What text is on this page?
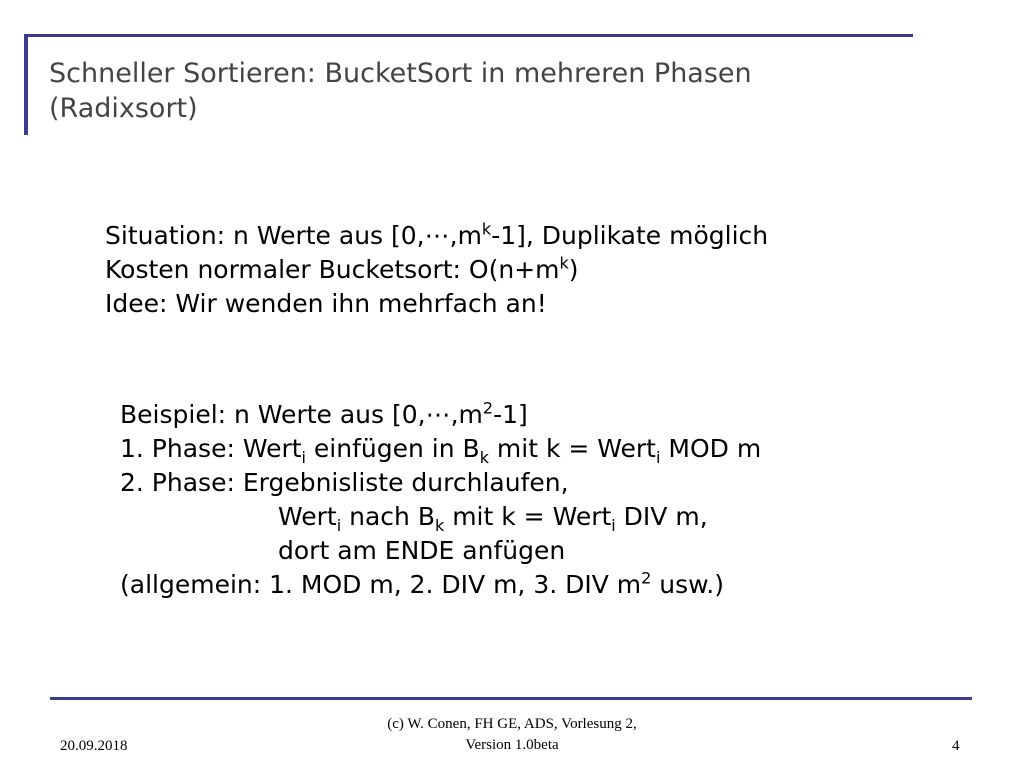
Schneller Sortieren: BucketSort in mehreren Phasen
(Radixsort)
Situation: n Werte aus $[0,\cdots,m^k-1]$, Duplikate möglich
Kosten normaler Bucketsort: $O(n+m^k)$
Idee: Wir wenden ihn mehrfach an!
Beispiel: n Werte aus $[0,\cdots,m^2-1]$
1. Phase: Wert$_i$ einfügen in $B_k$ mit k = Wert$_i$ MOD m
2. Phase: Ergebnisliste durchlaufen,
Wert$_i$ nach $B_k$ mit k = Wert$_i$ DIV m,
dort am ENDE anfügen
(allgemein: 1. MOD m, 2. DIV m, 3. DIV $m^2$ usw.)
20.09.2018
(c) W. Conen, FH GE, ADS, Vorlesung 2,
Version 1.0beta	4
